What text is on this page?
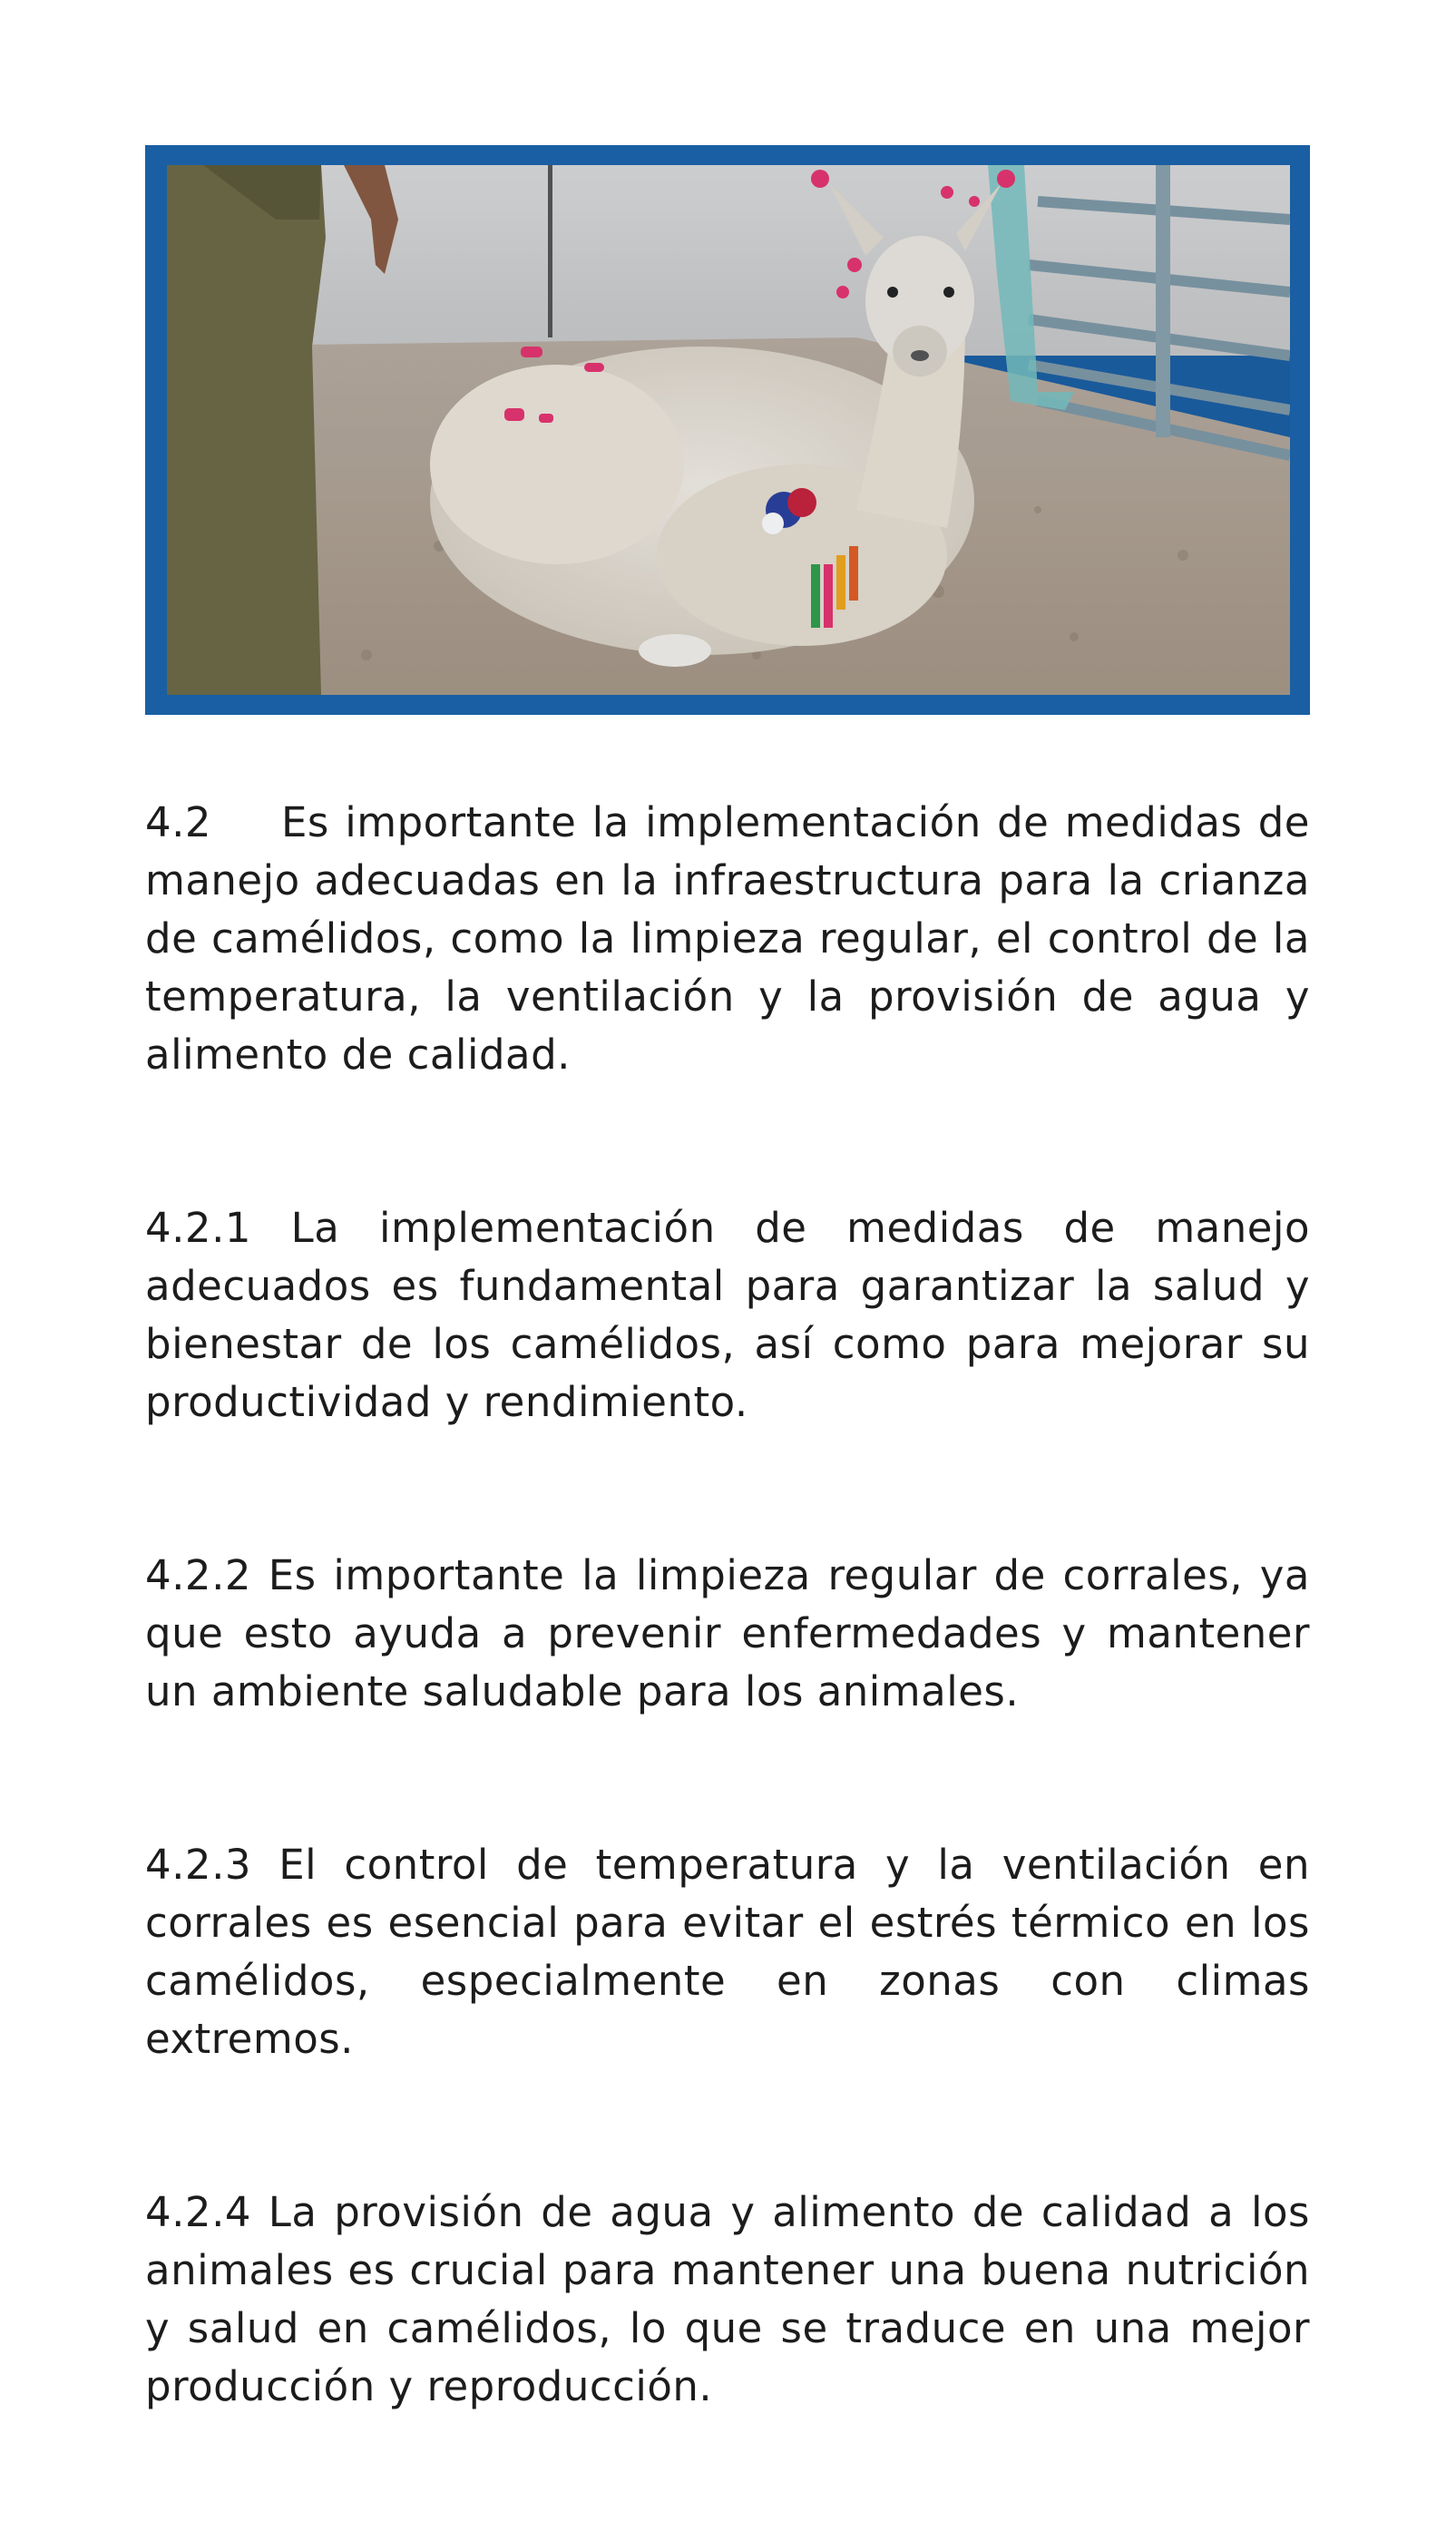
4.2 Es importante la implementación de medidas de manejo adecuadas en la infraestructura para la crianza de camélidos, como la limpieza regular, el control de la temperatura, la ventilación y la provisión de agua y alimento de calidad.

4.2.1 La implementación de medidas de manejo adecuados es fundamental para garantizar la salud y bienestar de los camélidos, así como para mejorar su productividad y rendimiento.

4.2.2 Es importante la limpieza regular de corrales, ya que esto ayuda a prevenir enfermedades y mantener un ambiente saludable para los animales.

4.2.3 El control de temperatura y la ventilación en corrales es esencial para evitar el estrés térmico en los camélidos, especialmente en zonas con climas extremos.

4.2.4 La provisión de agua y alimento de calidad a los animales es crucial para mantener una buena nutrición y salud en camélidos, lo que se traduce en una mejor producción y reproducción.
